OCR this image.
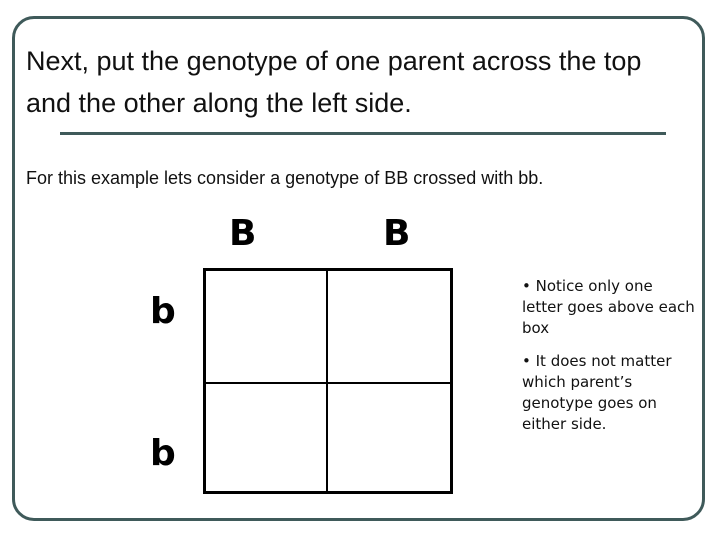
Next, put the genotype of one parent across the top and the other along the left side.
For this example lets consider a genotype of BB crossed with bb.
B	B
b
b

• Notice only one letter goes above each box

• It does not matter which parent’s genotype goes on either side.
